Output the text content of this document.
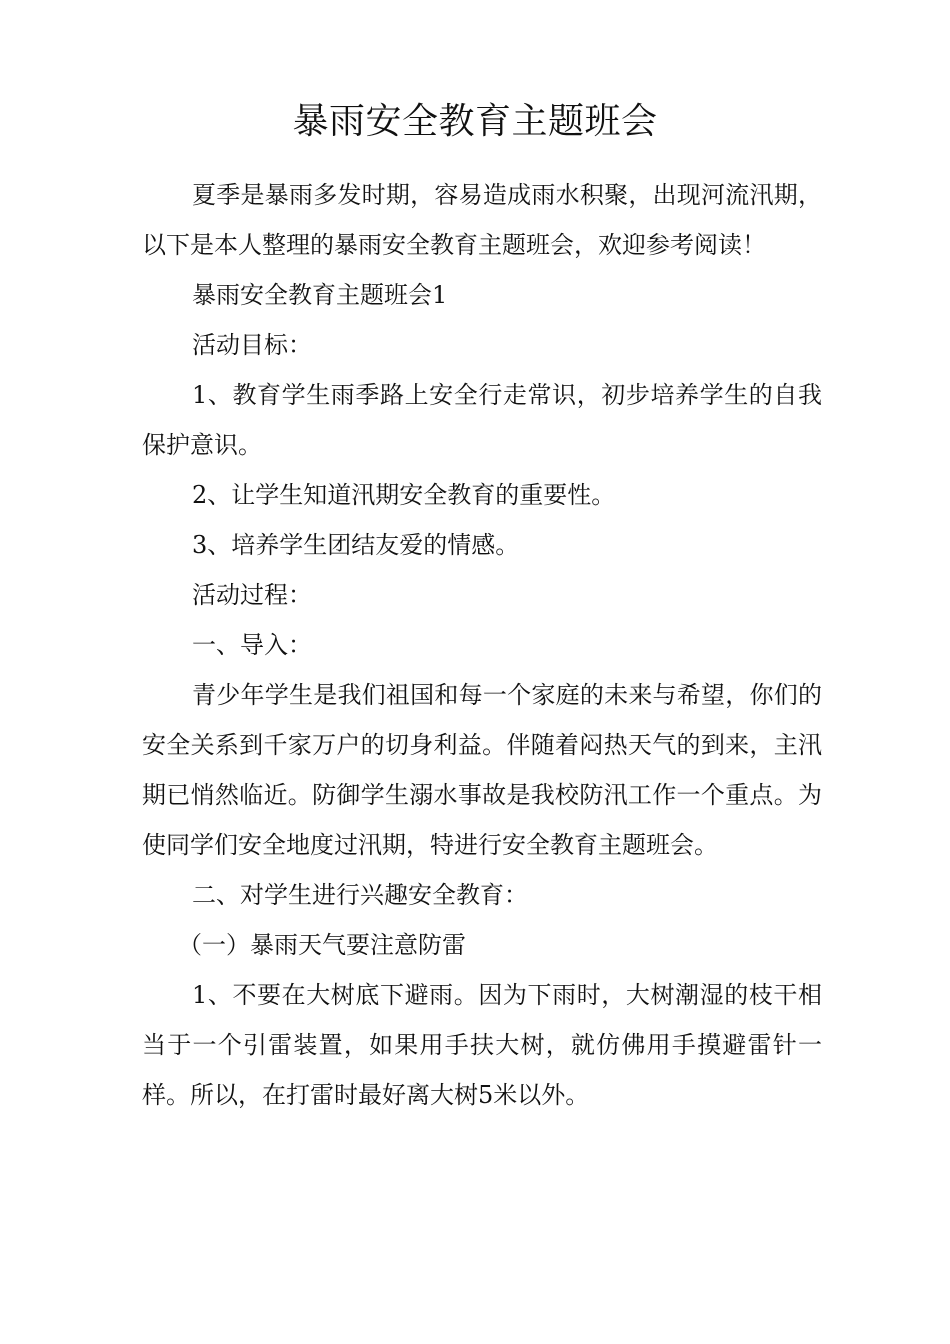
暴雨安全教育主题班会

夏季是暴雨多发时期，容易造成雨水积聚，出现河流汛期，以下是本人整理的暴雨安全教育主题班会，欢迎参考阅读！

暴雨安全教育主题班会1

活动目标：

1、教育学生雨季路上安全行走常识，初步培养学生的自我保护意识。

2、让学生知道汛期安全教育的重要性。

3、培养学生团结友爱的情感。

活动过程：

一、导入：

青少年学生是我们祖国和每一个家庭的未来与希望，你们的安全关系到千家万户的切身利益。伴随着闷热天气的到来，主汛期已悄然临近。防御学生溺水事故是我校防汛工作一个重点。为使同学们安全地度过汛期，特进行安全教育主题班会。

二、对学生进行兴趣安全教育：

（一）暴雨天气要注意防雷

1、不要在大树底下避雨。因为下雨时，大树潮湿的枝干相当于一个引雷装置，如果用手扶大树，就仿佛用手摸避雷针一样。所以，在打雷时最好离大树5米以外。
